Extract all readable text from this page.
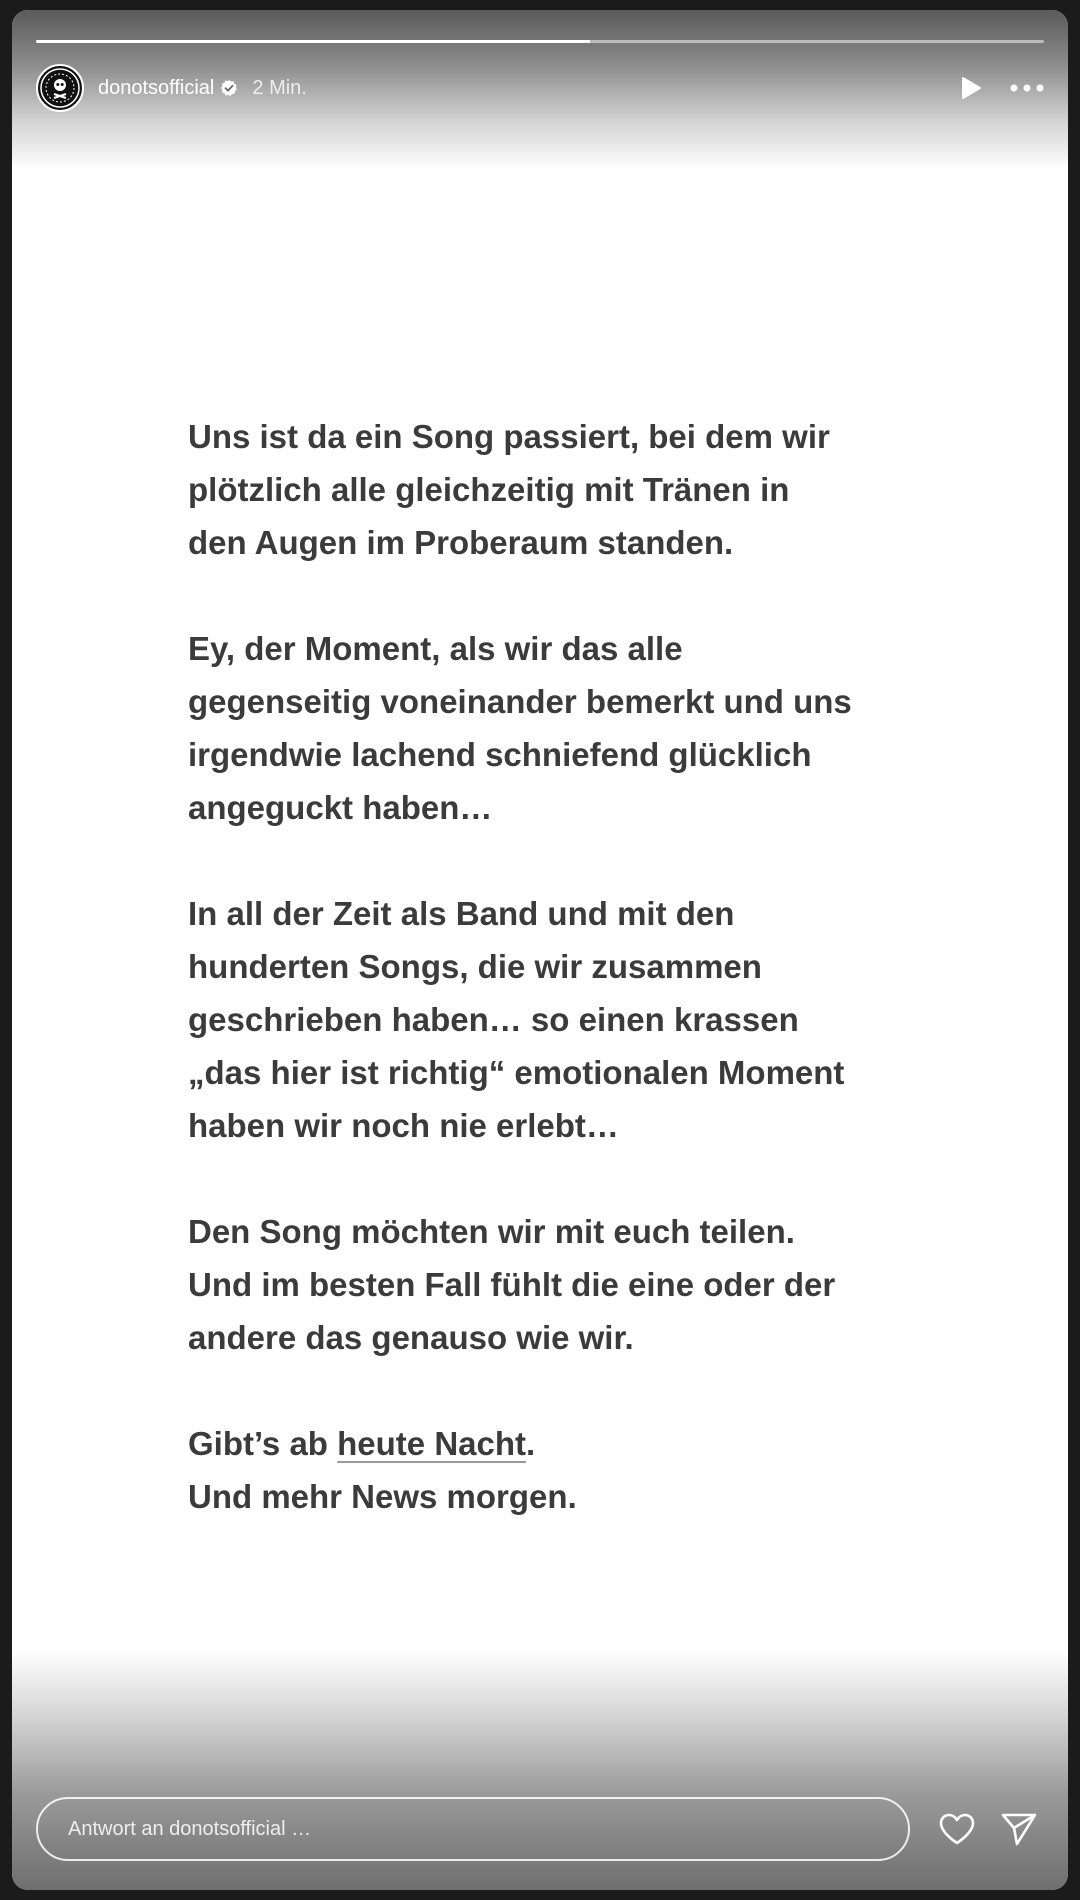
donotsofficial 2 Min.

Uns ist da ein Song passiert, bei dem wir
plötzlich alle gleichzeitig mit Tränen in
den Augen im Proberaum standen.

Ey, der Moment, als wir das alle
gegenseitig voneinander bemerkt und uns
irgendwie lachend schniefend glücklich
angeguckt haben…

In all der Zeit als Band und mit den
hunderten Songs, die wir zusammen
geschrieben haben… so einen krassen
„das hier ist richtig“ emotionalen Moment
haben wir noch nie erlebt…

Den Song möchten wir mit euch teilen.
Und im besten Fall fühlt die eine oder der
andere das genauso wie wir.

Gibt’s ab heute Nacht.
Und mehr News morgen.

Antwort an donotsofficial …
